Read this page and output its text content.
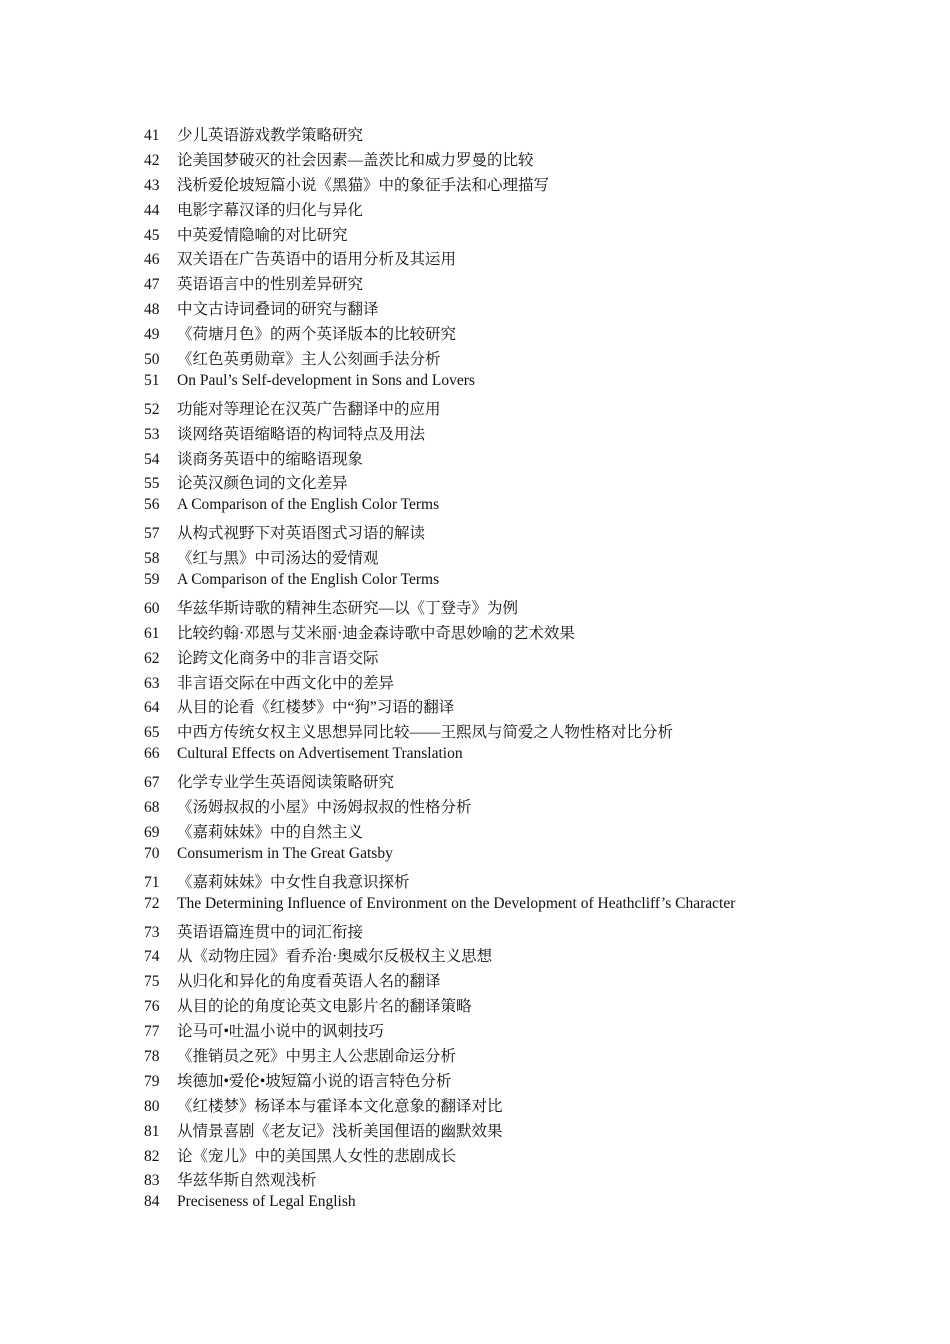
41	少儿英语游戏教学策略研究
42	论美国梦破灭的社会因素—盖茨比和威力罗曼的比较
43	浅析爱伦坡短篇小说《黑猫》中的象征手法和心理描写
44	电影字幕汉译的归化与异化
45	中英爱情隐喻的对比研究
46	双关语在广告英语中的语用分析及其运用
47	英语语言中的性别差异研究
48	中文古诗词叠词的研究与翻译
49	《荷塘月色》的两个英译版本的比较研究
50	《红色英勇勋章》主人公刻画手法分析
51	On Paul’s Self-development in Sons and Lovers
52	功能对等理论在汉英广告翻译中的应用
53	谈网络英语缩略语的构词特点及用法
54	谈商务英语中的缩略语现象
55	论英汉颜色词的文化差异
56	A Comparison of the English Color Terms
57	从构式视野下对英语图式习语的解读
58	《红与黑》中司汤达的爱情观
59	A Comparison of the English Color Terms
60	华兹华斯诗歌的精神生态研究—以《丁登寺》为例
61	比较约翰·邓恩与艾米丽·迪金森诗歌中奇思妙喻的艺术效果
62	论跨文化商务中的非言语交际
63	非言语交际在中西文化中的差异
64	从目的论看《红楼梦》中“狗”习语的翻译
65	中西方传统女权主义思想异同比较——王熙凤与简爱之人物性格对比分析
66	Cultural Effects on Advertisement Translation
67	化学专业学生英语阅读策略研究
68	《汤姆叔叔的小屋》中汤姆叔叔的性格分析
69	《嘉莉妹妹》中的自然主义
70	Consumerism in The Great Gatsby
71	《嘉莉妹妹》中女性自我意识探析
72	The Determining Influence of Environment on the Development of Heathcliff’s Character
73	英语语篇连贯中的词汇衔接
74	从《动物庄园》看乔治·奥威尔反极权主义思想
75	从归化和异化的角度看英语人名的翻译
76	从目的论的角度论英文电影片名的翻译策略
77	论马可•吐温小说中的讽刺技巧
78	《推销员之死》中男主人公悲剧命运分析
79	埃德加•爱伦•坡短篇小说的语言特色分析
80	《红楼梦》杨译本与霍译本文化意象的翻译对比
81	从情景喜剧《老友记》浅析美国俚语的幽默效果
82	论《宠儿》中的美国黑人女性的悲剧成长
83	华兹华斯自然观浅析
84	Preciseness of Legal English
